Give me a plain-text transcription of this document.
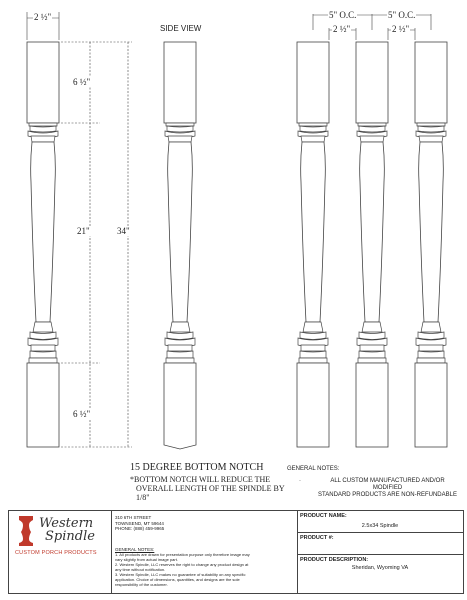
2 ½"
6 ½"
21"	34"
6 ½"
SIDE VIEW
5" O.C.	5" O.C.
2 ½"	2 ½"
15 DEGREE BOTTOM NOTCH
*BOTTOM NOTCH WILL REDUCE THE
OVERALL LENGTH OF THE SPINDLE BY
1/8"
GENERAL NOTES:
·	ALL CUSTOM MANUFACTURED AND/OR MODIFIED
STANDARD PRODUCTS ARE NON-REFUNDABLE
Western
Spindle
CUSTOM PORCH PRODUCTS
310 6TH STREET
TOWNSEND, MT 59644
PHONE: (888) 459-9965
GENERAL NOTES:
1. All products are drawn for presentation purpose only therefore image may
vary slightly from actual image part.
2. Western Spindle, LLC reserves the right to change any product design at
any time without notification.
3. Western Spindle, LLC makes no guarantee of suitability on any specific
application. Choice of dimensions, quantities, and designs are the sole
responsibility of the customer.
PRODUCT NAME:
2.5x34 Spindle
PRODUCT #:
PRODUCT DESCRIPTION:
Sheridan, Wyoming VA
